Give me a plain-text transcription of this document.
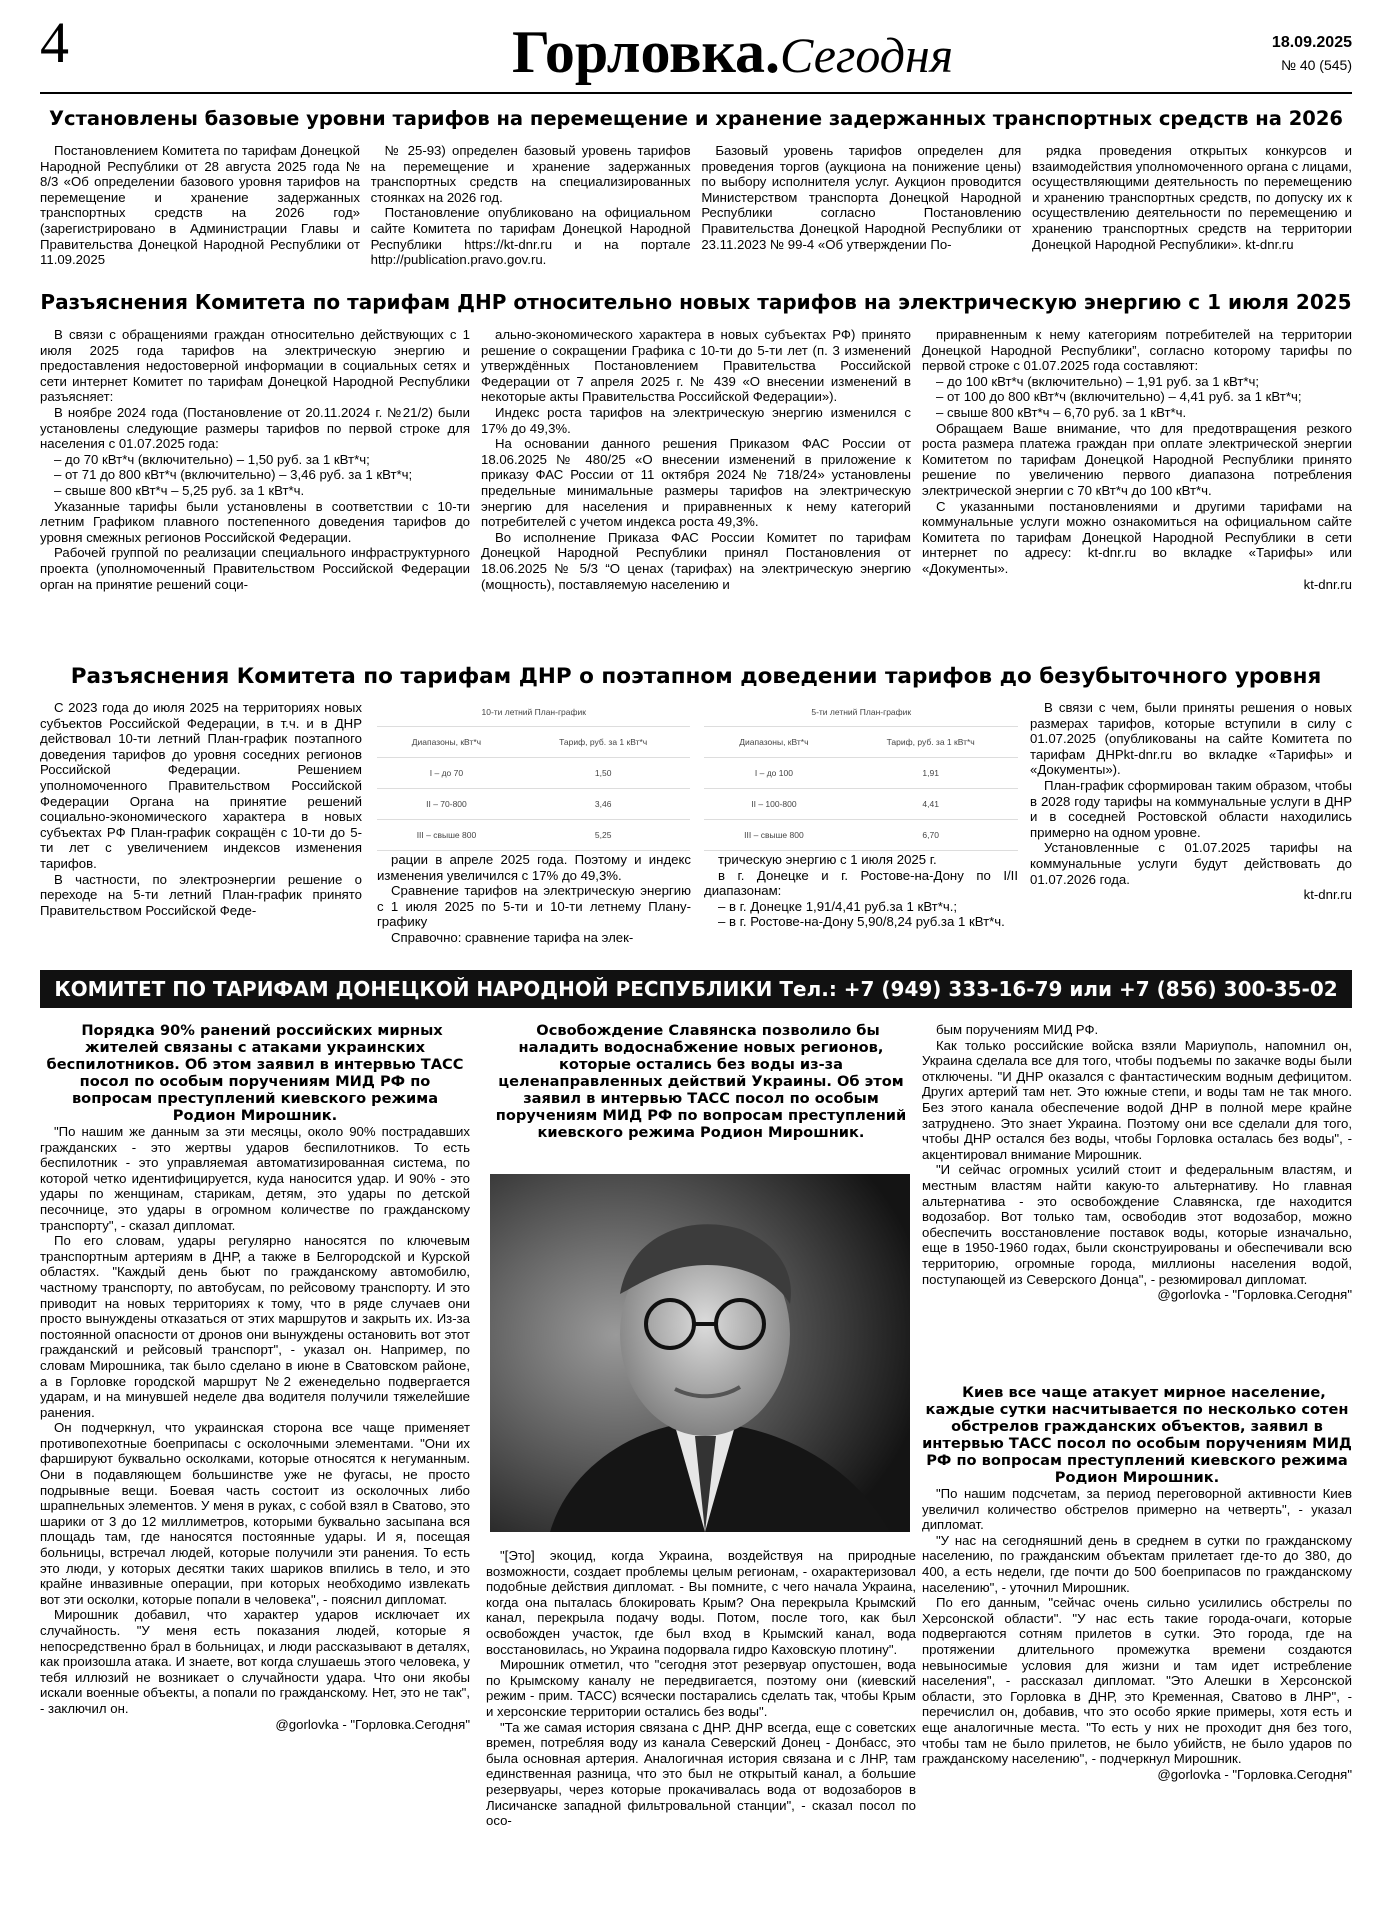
4	Горловка.Сегодня	18.09.2025
№ 40 (545)
Установлены базовые уровни тарифов на перемещение и хранение задержанных транспортных средств на 2026

Постановлением Комитета по тарифам Донецкой Народной Республики от 28 августа 2025 года № 8/3 «Об определении базового уровня тарифов на перемещение и хранение задержанных транспортных средств на 2026 год» (зарегистрировано в Администрации Главы и Правительства Донецкой Народной Республики от 11.09.2025

№ 25-93) определен базовый уровень тарифов на перемещение и хранение задержанных транспортных средств на специализированных стоянках на 2026 год.

Постановление опубликовано на официальном сайте Комитета по тарифам Донецкой Народной Республики https://kt-dnr.ru и на портале http://publication.pravo.gov.ru.

Базовый уровень тарифов определен для проведения торгов (аукциона на понижение цены) по выбору исполнителя услуг. Аукцион проводится Министерством транспорта Донецкой Народной Республики согласно Постановлению Правительства Донецкой Народной Республики от 23.11.2023 № 99-4 «Об утверждении По-

рядка проведения открытых конкурсов и взаимодействия уполномоченного органа с лицами, осуществляющими деятельность по перемещению и хранению транспортных средств, по допуску их к осуществлению деятельности по перемещению и хранению транспортных средств на территории Донецкой Народной Республики». kt-dnr.ru

Разъяснения Комитета по тарифам ДНР относительно новых тарифов на электрическую энергию с 1 июля 2025

В связи с обращениями граждан относительно действующих с 1 июля 2025 года тарифов на электрическую энергию и предоставления недостоверной информации в социальных сетях и сети интернет Комитет по тарифам Донецкой Народной Республики разъясняет:

В ноябре 2024 года (Постановление от 20.11.2024 г. №21/2) были установлены следующие размеры тарифов по первой строке для населения с 01.07.2025 года:

– до 70 кВт*ч (включительно) – 1,50 руб. за 1 кВт*ч;

– от 71 до 800 кВт*ч (включительно) – 3,46 руб. за 1 кВт*ч;

– свыше 800 кВт*ч – 5,25 руб. за 1 кВт*ч.

Указанные тарифы были установлены в соответствии с 10-ти летним Графиком плавного постепенного доведения тарифов до уровня смежных регионов Российской Федерации.

Рабочей группой по реализации специального инфраструктурного проекта (уполномоченный Правительством Российской Федерации орган на принятие решений соци-

ально-экономического характера в новых субъектах РФ) принято решение о сокращении Графика с 10-ти до 5-ти лет (п. 3 изменений утверждённых Постановлением Правительства Российской Федерации от 7 апреля 2025 г. № 439 «О внесении изменений в некоторые акты Правительства Российской Федерации»).

Индекс роста тарифов на электрическую энергию изменился с 17% до 49,3%.

На основании данного решения Приказом ФАС России от 18.06.2025 № 480/25 «О внесении изменений в приложение к приказу ФАС России от 11 октября 2024 № 718/24» установлены предельные минимальные размеры тарифов на электрическую энергию для населения и приравненных к нему категорий потребителей с учетом индекса роста 49,3%.

Во исполнение Приказа ФАС России Комитет по тарифам Донецкой Народной Республики принял Постановления от 18.06.2025 № 5/3 “О ценах (тарифах) на электрическую энергию (мощность), поставляемую населению и

приравненным к нему категориям потребителей на территории Донецкой Народной Республики”, согласно которому тарифы по первой строке с 01.07.2025 года составляют:

– до 100 кВт*ч (включительно) – 1,91 руб. за 1 кВт*ч;

– от 100 до 800 кВт*ч (включительно) – 4,41 руб. за 1 кВт*ч;

– свыше 800 кВт*ч – 6,70 руб. за 1 кВт*ч.

Обращаем Ваше внимание, что для предотвращения резкого роста размера платежа граждан при оплате электрической энергии Комитетом по тарифам Донецкой Народной Республики принято решение по увеличению первого диапазона потребления электрической энергии с 70 кВт*ч до 100 кВт*ч.

С указанными постановлениями и другими тарифами на коммунальные услуги можно ознакомиться на официальном сайте Комитета по тарифам Донецкой Народной Республики в сети интернет по адресу: kt-dnr.ru во вкладке «Тарифы» или «Документы».

kt-dnr.ru

Разъяснения Комитета по тарифам ДНР о поэтапном доведении тарифов до безубыточного уровня

С 2023 года до июля 2025 на территориях новых субъектов Российской Федерации, в т.ч. и в ДНР действовал 10-ти летний План-график поэтапного доведения тарифов до уровня соседних регионов Российской Федерации. Решением уполномоченного Правительством Российской Федерации Органа на принятие решений социально-экономического характера в новых субъектах РФ План-график сокращён с 10-ти до 5-ти лет с увеличением индексов изменения тарифов.

В частности, по электроэнергии решение о переходе на 5-ти летний План-график принято Правительством Российской Феде-

10-ти летний План-график			5-ти летний План-график	
Диапазоны, кВт*ч	Тариф, руб. за 1 кВт*ч		Диапазоны, кВт*ч	Тариф, руб. за 1 кВт*ч
I – до 70	1,50		I – до 100	1,91
II – 70-800	3,46		II – 100-800	4,41
III – свыше 800	5,25		III – свыше 800	6,70

рации в апреле 2025 года. Поэтому и индекс изменения увеличился с 17% до 49,3%.

Сравнение тарифов на электрическую энергию с 1 июля 2025 по 5-ти и 10-ти летнему Плану-графику

Справочно: сравнение тарифа на элек-

трическую энергию с 1 июля 2025 г.

в г. Донецке и г. Ростове-на-Дону по I/II диапазонам:

– в г. Донецке 1,91/4,41 руб.за 1 кВт*ч.;

– в г. Ростове-на-Дону 5,90/8,24 руб.за 1 кВт*ч.

В связи с чем, были приняты решения о новых размерах тарифов, которые вступили в силу с 01.07.2025 (опубликованы на сайте Комитета по тарифам ДНРkt-dnr.ru во вкладке «Тарифы» и «Документы»).

План-график сформирован таким образом, чтобы в 2028 году тарифы на коммунальные услуги в ДНР и в соседней Ростовской области находились примерно на одном уровне.

Установленные с 01.07.2025 тарифы на коммунальные услуги будут действовать до 01.07.2026 года.

kt-dnr.ru

КОМИТЕТ ПО ТАРИФАМ ДОНЕЦКОЙ НАРОДНОЙ РЕСПУБЛИКИ Тел.: +7 (949) 333-16-79 или +7 (856) 300-35-02

Порядка 90% ранений российских мирных жителей связаны с атаками украинских беспилотников. Об этом заявил в интервью ТАСС посол по особым поручениям МИД РФ по вопросам преступлений киевского режима Родион Мирошник.

"По нашим же данным за эти месяцы, около 90% пострадавших гражданских - это жертвы ударов беспилотников. То есть беспилотник - это управляемая автоматизированная система, по которой четко идентифицируется, куда наносится удар. И 90% - это удары по женщинам, старикам, детям, это удары по детской песочнице, это удары в огромном количестве по гражданскому транспорту", - сказал дипломат.

По его словам, удары регулярно наносятся по ключевым транспортным артериям в ДНР, а также в Белгородской и Курской областях. "Каждый день бьют по гражданскому автомобилю, частному транспорту, по автобусам, по рейсовому транспорту. И это приводит на новых территориях к тому, что в ряде случаев они просто вынуждены отказаться от этих маршрутов и закрыть их. Из-за постоянной опасности от дронов они вынуждены остановить вот этот гражданский и рейсовый транспорт", - указал он. Например, по словам Мирошника, так было сделано в июне в Сватовском районе, а в Горловке городской маршрут №2 еженедельно подвергается ударам, и на минувшей неделе два водителя получили тяжелейшие ранения.

Он подчеркнул, что украинская сторона все чаще применяет противопехотные боеприпасы с осколочными элементами. "Они их фаршируют буквально осколками, которые относятся к негуманным. Они в подавляющем большинстве уже не фугасы, не просто подрывные вещи. Боевая часть состоит из осколочных либо шрапнельных элементов. У меня в руках, с собой взял в Сватово, это шарики от 3 до 12 миллиметров, которыми буквально засыпана вся площадь там, где наносятся постоянные удары. И я, посещая больницы, встречал людей, которые получили эти ранения. То есть это люди, у которых десятки таких шариков впились в тело, и это крайне инвазивные операции, при которых необходимо извлекать вот эти осколки, которые попали в человека", - пояснил дипломат.

Мирошник добавил, что характер ударов исключает их случайность. "У меня есть показания людей, которые я непосредственно брал в больницах, и люди рассказывают в деталях, как произошла атака. И знаете, вот когда слушаешь этого человека, у тебя иллюзий не возникает о случайности удара. Что они якобы искали военные объекты, а попали по гражданскому. Нет, это не так", - заключил он.

@gorlovka - "Горловка.Сегодня"

Освобождение Славянска позволило бы наладить водоснабжение новых регионов, которые остались без воды из-за целенаправленных действий Украины. Об этом заявил в интервью ТАСС посол по особым поручениям МИД РФ по вопросам преступлений киевского режима Родион Мирошник.

"[Это] экоцид, когда Украина, воздействуя на природные возможности, создает проблемы целым регионам, - охарактеризовал подобные действия дипломат. - Вы помните, с чего начала Украина, когда она пыталась блокировать Крым? Она перекрыла Крымский канал, перекрыла подачу воды. Потом, после того, как был освобожден участок, где был вход в Крымский канал, вода восстановилась, но Украина подорвала гидро Каховскую плотину".

Мирошник отметил, что "сегодня этот резервуар опустошен, вода по Крымскому каналу не передвигается, поэтому они (киевский режим - прим. ТАСС) всячески постарались сделать так, чтобы Крым и херсонские территории остались без воды".

"Та же самая история связана с ДНР. ДНР всегда, еще с советских времен, потребляя воду из канала Северский Донец - Донбасс, это была основная артерия. Аналогичная история связана и с ЛНР, там единственная разница, что это был не открытый канал, а большие резервуары, через которые прокачивалась вода от водозаборов в Лисичанске западной фильтровальной станции", - сказал посол по осо-

бым поручениям МИД РФ.

Как только российские войска взяли Мариуполь, напомнил он, Украина сделала все для того, чтобы подъемы по закачке воды были отключены. "И ДНР оказался с фантастическим водным дефицитом. Других артерий там нет. Это южные степи, и воды там не так много. Без этого канала обеспечение водой ДНР в полной мере крайне затруднено. Это знает Украина. Поэтому они все сделали для того, чтобы ДНР остался без воды, чтобы Горловка осталась без воды", - акцентировал внимание Мирошник.

"И сейчас огромных усилий стоит и федеральным властям, и местным властям найти какую-то альтернативу. Но главная альтернатива - это освобождение Славянска, где находится водозабор. Вот только там, освободив этот водозабор, можно обеспечить восстановление поставок воды, которые изначально, еще в 1950-1960 годах, были сконструированы и обеспечивали всю территорию, огромные города, миллионы населения водой, поступающей из Северского Донца", - резюмировал дипломат.

@gorlovka - "Горловка.Сегодня"

Киев все чаще атакует мирное население, каждые сутки насчитывается по несколько сотен обстрелов гражданских объектов, заявил в интервью ТАСС посол по особым поручениям МИД РФ по вопросам преступлений киевского режима Родион Мирошник.

"По нашим подсчетам, за период переговорной активности Киев увеличил количество обстрелов примерно на четверть", - указал дипломат.

"У нас на сегодняшний день в среднем в сутки по гражданскому населению, по гражданским объектам прилетает где-то до 380, до 400, а есть недели, где почти до 500 боеприпасов по гражданскому населению", - уточнил Мирошник.

По его данным, "сейчас очень сильно усилились обстрелы по Херсонской области". "У нас есть такие города-очаги, которые подвергаются сотням прилетов в сутки. Это города, где на протяжении длительного промежутка времени создаются невыносимые условия для жизни и там идет истребление населения", - рассказал дипломат. "Это Алешки в Херсонской области, это Горловка в ДНР, это Кременная, Сватово в ЛНР", - перечислил он, добавив, что это особо яркие примеры, хотя есть и еще аналогичные места. "То есть у них не проходит дня без того, чтобы там не было прилетов, не было убийств, не было ударов по гражданскому населению", - подчеркнул Мирошник.

@gorlovka - "Горловка.Сегодня"
